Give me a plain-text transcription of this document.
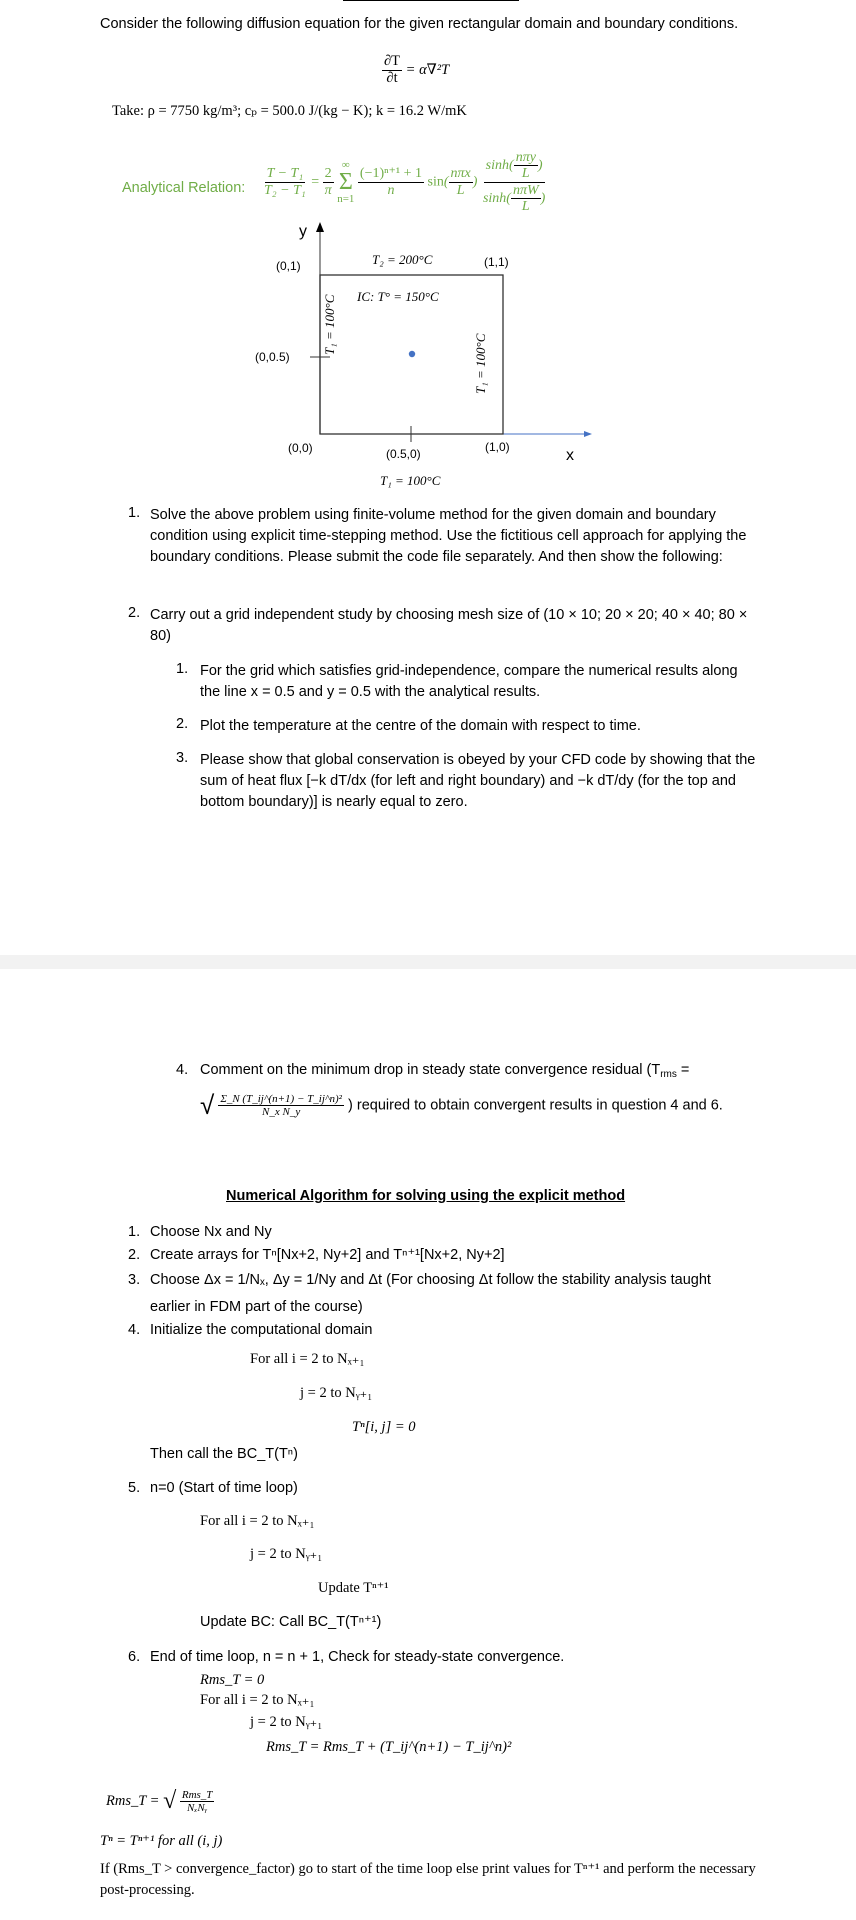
Consider the following diffusion equation for the given rectangular domain and boundary conditions.
$\frac{\partial T}{\partial t} = \alpha\nabla^2T$
Take: ρ = 7750 kg/m³; cₚ = 500.0 J/(kg − K); k = 16.2 W/mK
Analytical Relation: $\frac{\text{T − T₁}}{\text{T₂ − T₁}} = \frac{2}{\pi}$

∞
Σ
n=1

$\frac{\text{(−1)ⁿ⁺¹ + 1}}{n} \sin( \frac{\text{nπx}}{L}$ ) $\frac{\sinh( \frac{\text{nπy}}{L} )}{\sinh( \frac{\text{nπW}}{L} )}$
y
x
(0,1)	(1,1)
(0,0.5)
(0,0)	(1,0)
(0.5,0)
T₂ = 200°C
IC: T° = 150°C
T₁ = 100°C
T₁ = 100°C
T₁ = 100°C
1. Solve the above problem using finite-volume method for the given domain and boundary condition using explicit time-stepping method. Use the fictitious cell approach for applying the boundary conditions. Please submit the code file separately. And then show the following:
2. Carry out a grid independent study by choosing mesh size of (10 × 10; 20 × 20; 40 × 40; 80 × 80)
1. For the grid which satisfies grid-independence, compare the numerical results along the line x = 0.5 and y = 0.5 with the analytical results.
2. Plot the temperature at the centre of the domain with respect to time.
3. Please show that global conservation is obeyed by your CFD code by showing that the sum of heat flux [−k dT/dx (for left and right boundary) and −k dT/dy (for the top and bottom boundary)] is nearly equal to zero.
4. Comment on the minimum drop in steady state convergence residual ($T_{rms}$ =
√ $\frac{\text{Σ\_N (T\_ij\textasciicircum{}(n+1) − T\_ij\textasciicircum{}n)²}}{\text{N\_x N\_y}}$ ) required to obtain convergent results in question 4 and 6.
Numerical Algorithm for solving using the explicit method
1. Choose Nx and Ny
2. Create arrays for Tⁿ[Nx+2, Ny+2] and Tⁿ⁺¹[Nx+2, Ny+2]
3. Choose Δx = 1/Nₓ, Δy = 1/Ny and Δt (For choosing Δt follow the stability analysis taught
earlier in FDM part of the course)
4. Initialize the computational domain
For all i = 2 to Nₓ₊₁
j = 2 to Nᵧ₊₁
Tⁿ[i, j] = 0
Then call the BC_T(Tⁿ)
5. n=0 (Start of time loop)
For all i = 2 to Nₓ₊₁
j = 2 to Nᵧ₊₁
Update Tⁿ⁺¹
Update BC: Call BC_T(Tⁿ⁺¹)
6. End of time loop, n = n + 1, Check for steady-state convergence.
Rms_T = 0
For all i = 2 to Nₓ₊₁
j = 2 to Nᵧ₊₁
Rms_T = Rms_T + (T_ij^(n+1) − T_ij^n)²
Rms_T = √ $\frac{\text{Rms\_T}}{\text{NₓNᵧ}}$
Tⁿ = Tⁿ⁺¹ for all (i, j)
If (Rms_T > convergence_factor) go to start of the time loop else print values for Tⁿ⁺¹ and perform the necessary post-processing.
